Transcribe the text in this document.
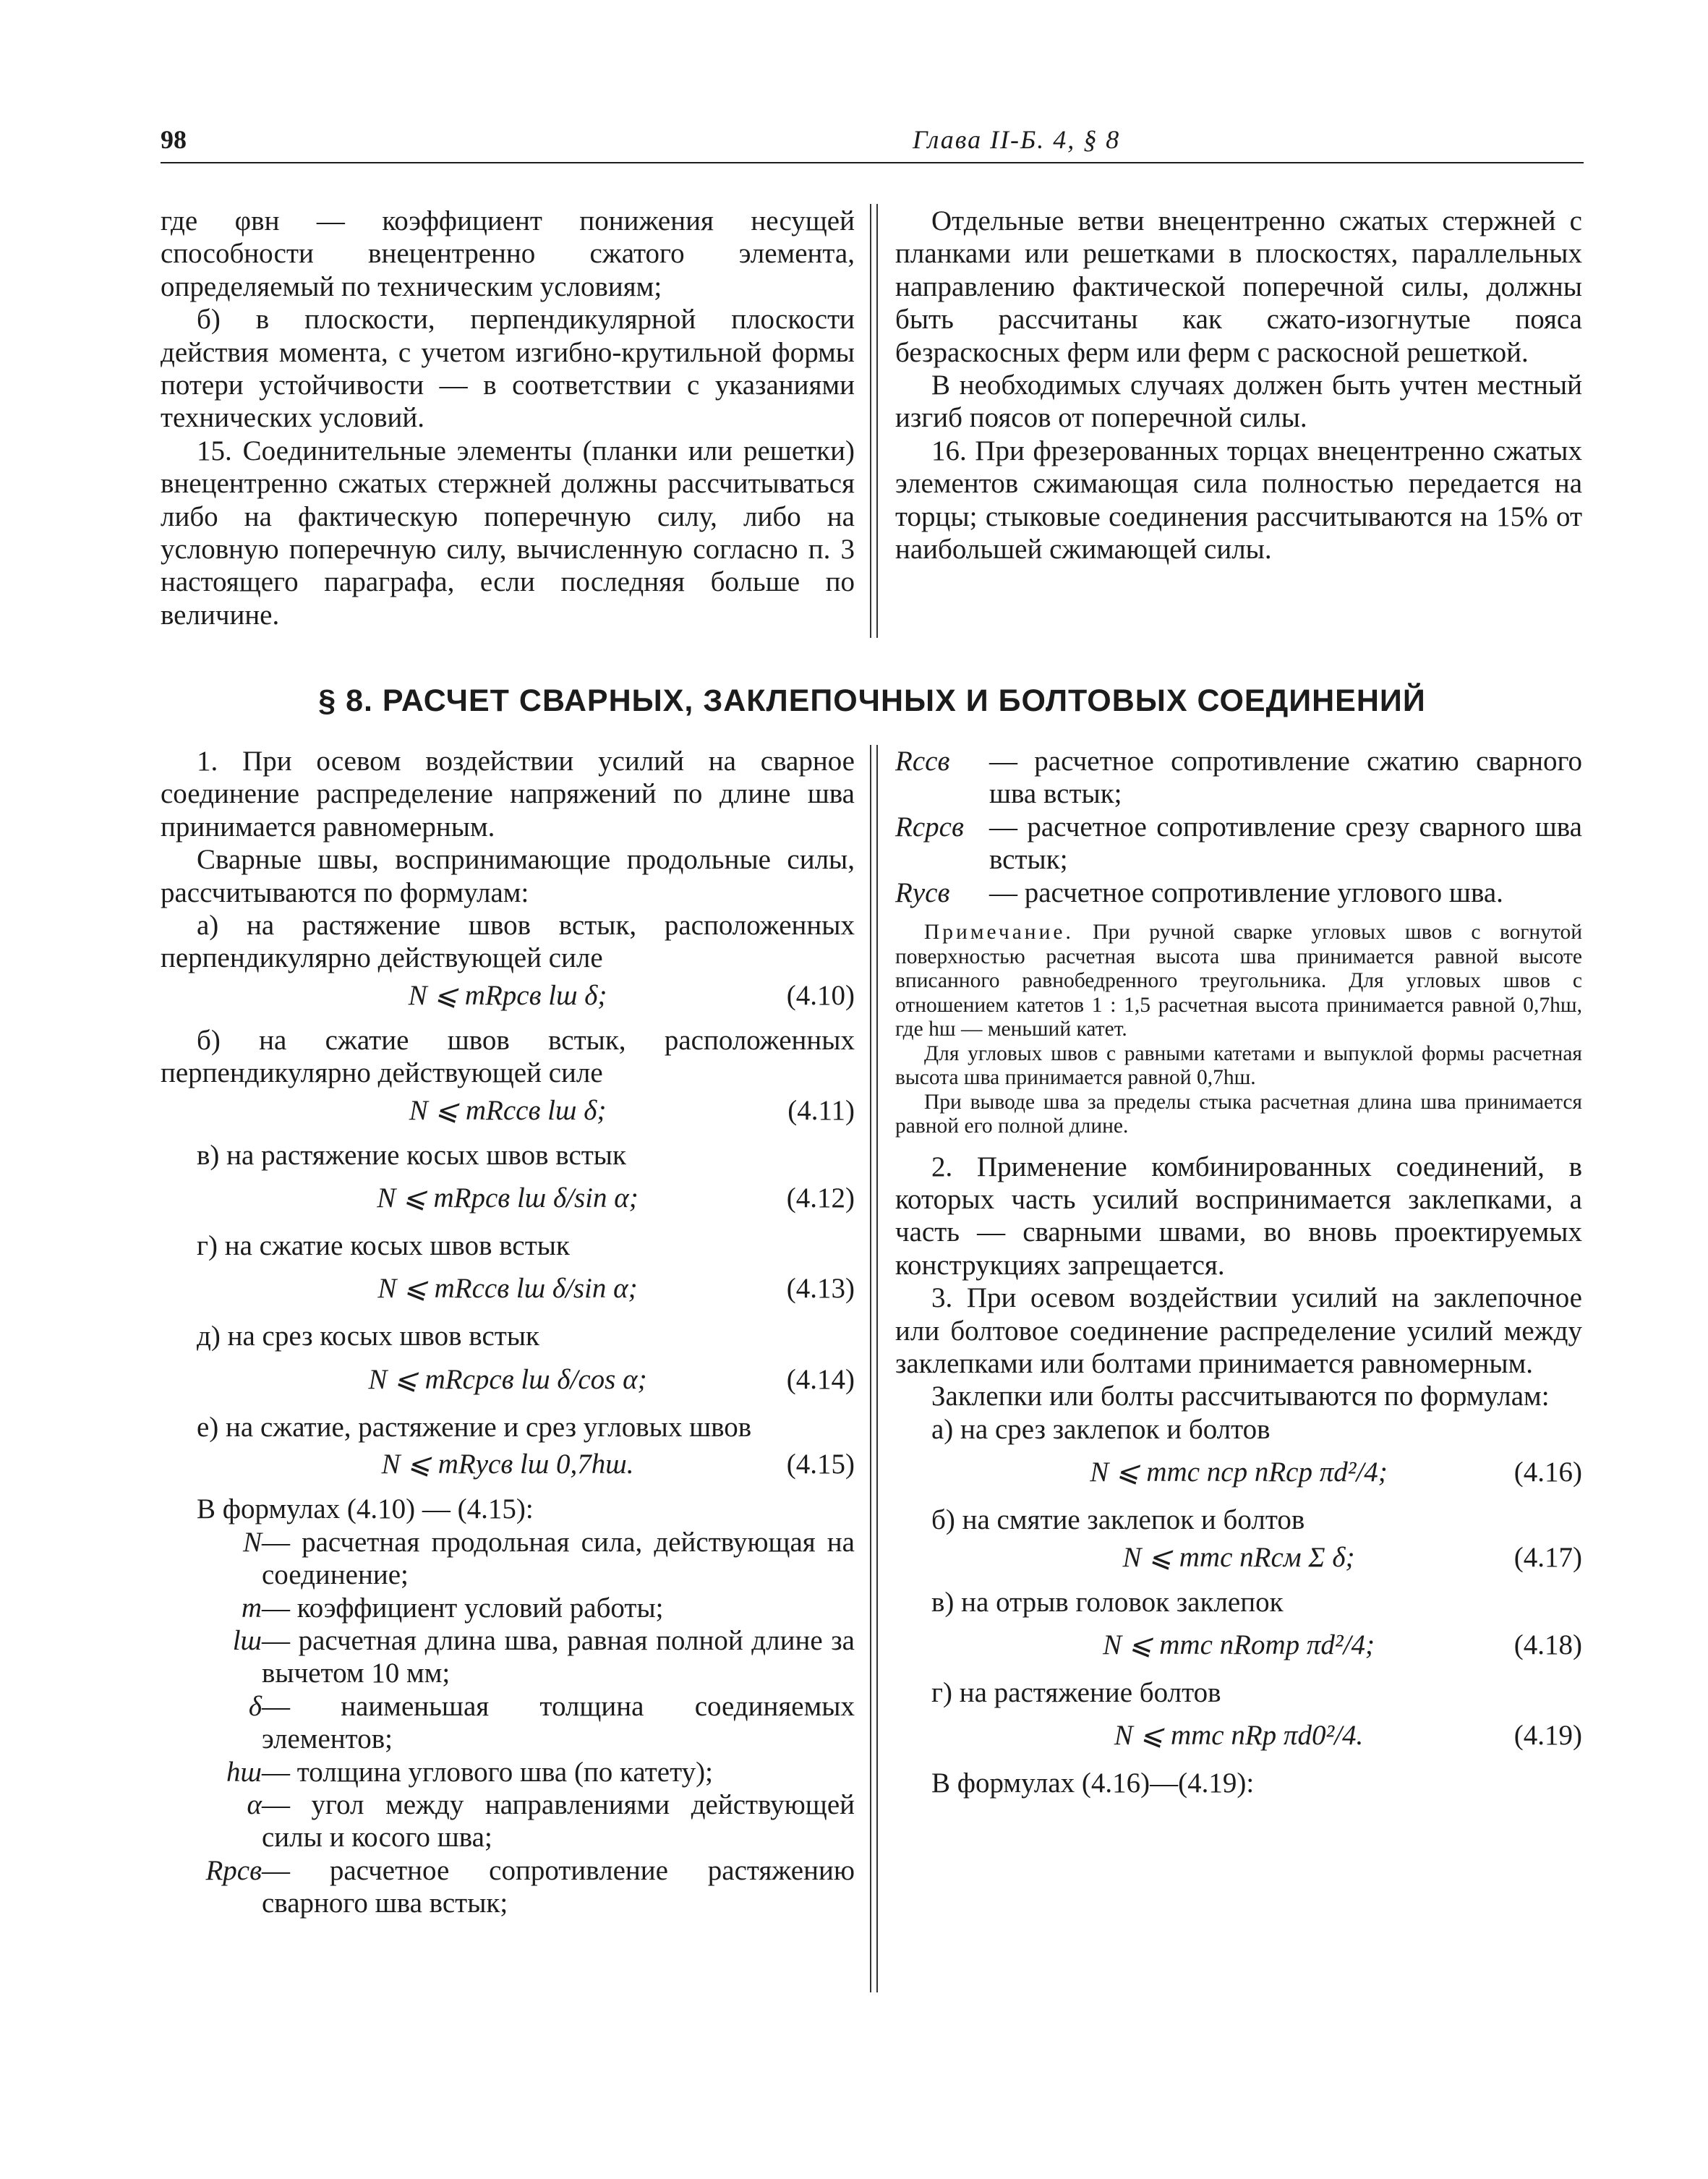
98	Глава II-Б. 4, § 8

где φвн — коэффициент понижения несущей способности внецентренно сжатого элемента, определяемый по техническим условиям;

б) в плоскости, перпендикулярной плоскости действия момента, с учетом изгибно-крутильной формы потери устойчивости — в соответствии с указаниями технических условий.

15. Соединительные элементы (планки или решетки) внецентренно сжатых стержней должны рассчитываться либо на фактическую поперечную силу, либо на условную поперечную силу, вычисленную согласно п. 3 настоящего параграфа, если последняя больше по величине.

Отдельные ветви внецентренно сжатых стержней с планками или решетками в плоскостях, параллельных направлению фактической поперечной силы, должны быть рассчитаны как сжато-изогнутые пояса безраскосных ферм или ферм с раскосной решеткой.

В необходимых случаях должен быть учтен местный изгиб поясов от поперечной силы.

16. При фрезерованных торцах внецентренно сжатых элементов сжимающая сила полностью передается на торцы; стыковые соединения рассчитываются на 15% от наибольшей сжимающей силы.

§ 8. РАСЧЕТ СВАРНЫХ, ЗАКЛЕПОЧНЫХ И БОЛТОВЫХ СОЕДИНЕНИЙ

1. При осевом воздействии усилий на сварное соединение распределение напряжений по длине шва принимается равномерным.

Сварные швы, воспринимающие продольные силы, рассчитываются по формулам:

а) на растяжение швов встык, расположенных перпендикулярно действующей силе

N ⩽ mRрсв lш δ;	(4.10)

б) на сжатие швов встык, расположенных перпендикулярно действующей силе

N ⩽ mRссв lш δ;	(4.11)

в) на растяжение косых швов встык

N ⩽ mRрсв lш δ/sin α;	(4.12)

г) на сжатие косых швов встык

N ⩽ mRссв lш δ/sin α;	(4.13)

д) на срез косых швов встык

N ⩽ mRсрсв lш δ/cos α;	(4.14)

е) на сжатие, растяжение и срез угловых швов

N ⩽ mRусв lш 0,7hш.	(4.15)

В формулах (4.10) — (4.15):

N — расчетная продольная сила, действующая на соединение;
m — коэффициент условий работы;
lш — расчетная длина шва, равная полной длине за вычетом 10 мм;
δ — наименьшая толщина соединяемых элементов;
hш — толщина углового шва (по катету);
α — угол между направлениями действующей силы и косого шва;
Rрсв — расчетное сопротивление растяжению сварного шва встык;
Rссв	— расчетное сопротивление сжатию сварного шва встык;
Rсрсв — расчетное сопротивление срезу сварного шва встык;
Rусв	— расчетное сопротивление углового шва.

Примечание. При ручной сварке угловых швов с вогнутой поверхностью расчетная высота шва принимается равной высоте вписанного равнобедренного треугольника. Для угловых швов с отношением катетов 1 : 1,5 расчетная высота принимается равной 0,7hш, где hш — меньший катет.

Для угловых швов с равными катетами и выпуклой формы расчетная высота шва принимается равной 0,7hш.

При выводе шва за пределы стыка расчетная длина шва принимается равной его полной длине.

2. Применение комбинированных соединений, в которых часть усилий воспринимается заклепками, а часть — сварными швами, во вновь проектируемых конструкциях запрещается.

3. При осевом воздействии усилий на заклепочное или болтовое соединение распределение усилий между заклепками или болтами принимается равномерным.

Заклепки или болты рассчитываются по формулам:

а) на срез заклепок и болтов

N ⩽ mmc nср nRср πd²/4;	(4.16)

б) на смятие заклепок и болтов

N ⩽ mmc nRсм Σ δ;	(4.17)

в) на отрыв головок заклепок

N ⩽ mmc nRотр πd²/4;	(4.18)

г) на растяжение болтов

N ⩽ mmc nRр πd0²/4.	(4.19)

В формулах (4.16)—(4.19):
